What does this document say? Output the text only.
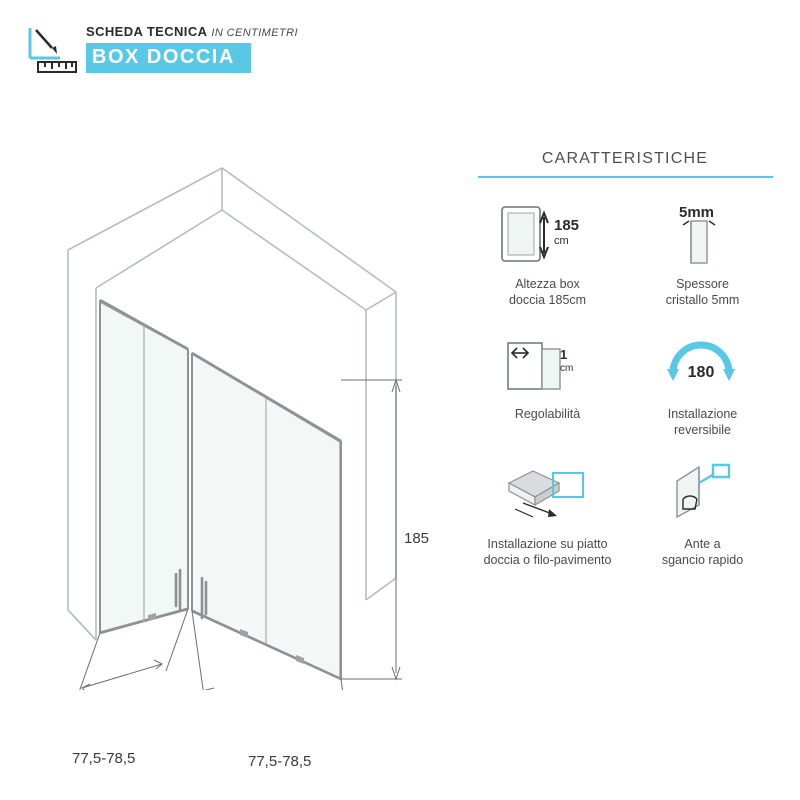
SCHEDA TECNICA IN CENTIMETRI
BOX DOCCIA
185
77,5-78,5	77,5-78,5
CARATTERISTICHE
185
cm
Altezza box
doccia 185cm
5mm
Spessore
cristallo 5mm
1
cm
Regolabilità
180
Installazione
reversibile
Installazione su piatto
doccia o filo-pavimento
Ante a
sgancio rapido
